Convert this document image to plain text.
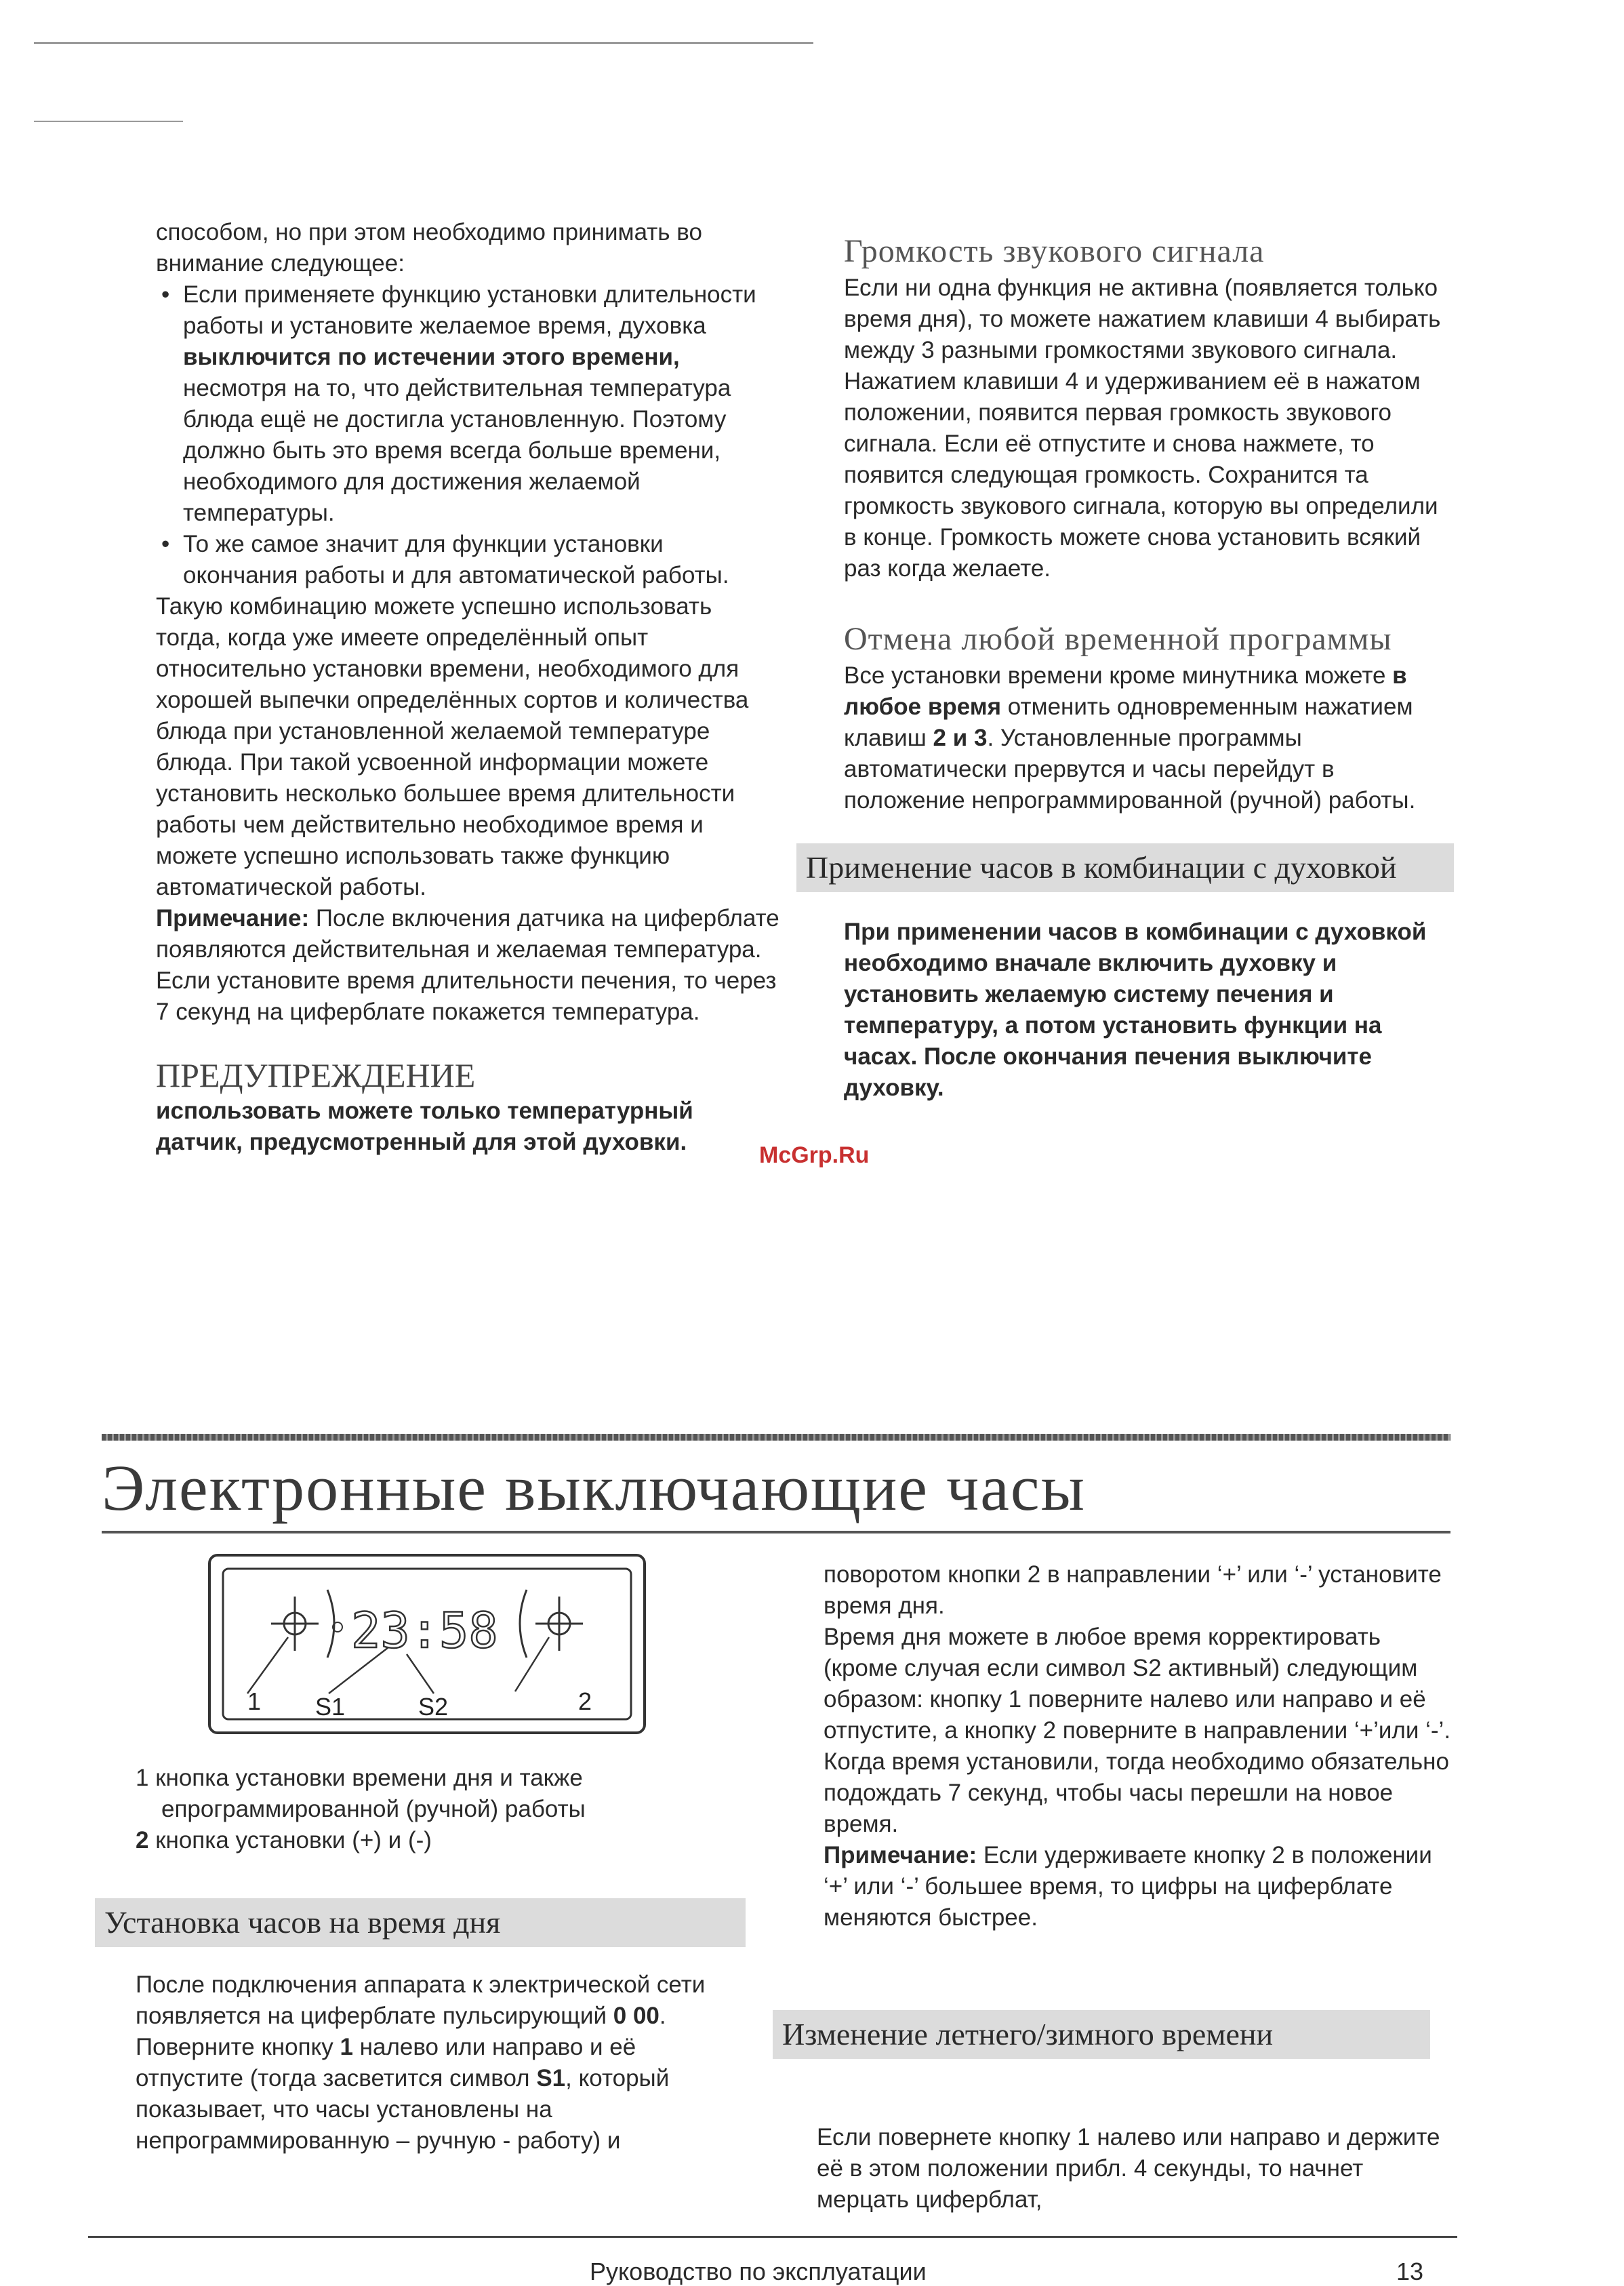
способом, но при этом необходимо принимать во внимание следующее:

• Если применяете функцию установки длительности работы и установите желаемое время, духовка выключится по истечении этого времени, несмотря на то, что действительная температура блюда ещё не достигла установленную. Поэтому должно быть это время всегда больше времени, необходимого для достижения желаемой температуры.

• То же самое значит для функции установки окончания работы и для автоматической работы.

Такую комбинацию можете успешно использовать тогда, когда уже имеете определённый опыт относительно установки времени, необходимого для хорошей выпечки определённых сортов и количества блюда при установленной желаемой температуре блюда. При такой усвоенной информации можете установить несколько большее время длительности работы чем действительно необходимое время и можете успешно использовать также функцию автоматической работы.

Примечание: После включения датчика на циферблате появляются действительная и желаемая температура. Если установите время длительности печения, то через 7 секунд на циферблате покажется температура.

ПРЕДУПРЕЖДЕНИЕ

использовать можете только температурный датчик, предусмотренный для этой духовки.

Громкость звукового сигнала

Если ни одна функция не активна (появляется только время дня), то можете нажатием клавиши 4 выбирать между 3 разными громкостями звукового сигнала. Нажатием клавиши 4 и удерживанием её в нажатом положении, появится первая громкость звукового сигнала. Если её отпустите и снова нажмете, то появится следующая громкость. Сохранится та громкость звукового сигнала, которую вы определили в конце. Громкость можете снова установить всякий раз когда желаете.

Отмена любой временной программы

Все установки времени кроме минутника можете в любое время отменить одновременным нажатием клавиш 2 и 3. Установленные программы автоматически прервутся и часы перейдут в положение непрограммированной (ручной) работы.

Применение часов в комбинации с духовкой

При применении часов в комбинации с духовкой необходимо вначале включить духовку и установить желаемую систему печения и температуру, а потом установить функции на часах. После окончания печения выключите духовку.

McGrp.Ru
Электронные выключающие часы
23:58
1 S1	S2	2

1 кнопка установки времени дня и также епрограммированной (ручной) работы

2 кнопка установки (+) и (-)

Установка часов на время дня

После подключения аппарата к электрической сети появляется на циферблате пульсирующий 0 00. Поверните кнопку 1 налево или направо и её отпустите (тогда засветится символ S1, который показывает, что часы установлены на непрограммированную – ручную - работу) и

поворотом кнопки 2 в направлении ‘+’ или ‘-’ установите время дня.

Время дня можете в любое время корректировать (кроме случая если символ S2 активный) следующим образом: кнопку 1 поверните налево или направо и её отпустите, а кнопку 2 поверните в направлении ‘+’или ‘-’. Когда время установили, тогда необходимо обязательно подождать 7 секунд, чтобы часы перешли на новое время.

Примечание: Если удерживаете кнопку 2 в положении ‘+’ или ‘-’ большее время, то цифры на циферблате меняются быстрее.

Изменение летнего/зимного времени
Если повернете кнопку 1 налево или направо и держите её в этом положении прибл. 4 секунды, то начнет мерцать циферблат,
Руководство по эксплуатации	13
